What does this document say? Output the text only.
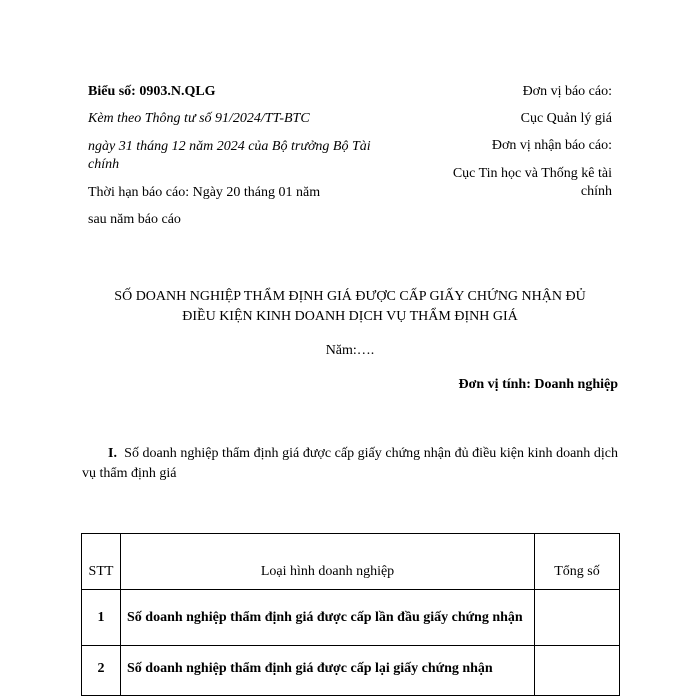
Biểu số: 0903.N.QLG
Kèm theo Thông tư số 91/2024/TT-BTC
ngày 31 tháng 12 năm 2024 của Bộ trưởng Bộ Tài chính
Thời hạn báo cáo: Ngày 20 tháng 01 năm
sau năm báo cáo
Đơn vị báo cáo:
Cục Quản lý giá
Đơn vị nhận báo cáo:
Cục Tin học và Thống kê tài chính
SỐ DOANH NGHIỆP THẨM ĐỊNH GIÁ ĐƯỢC CẤP GIẤY CHỨNG NHẬN ĐỦ
ĐIỀU KIỆN KINH DOANH DỊCH VỤ THẨM ĐỊNH GIÁ
Năm:….
Đơn vị tính: Doanh nghiệp
I. Số doanh nghiệp thẩm định giá được cấp giấy chứng nhận đủ điều kiện kinh doanh dịch vụ thẩm định giá
STT	Loại hình doanh nghiệp	Tổng số
1	Số doanh nghiệp thẩm định giá được cấp lần đầu giấy chứng nhận	
2	Số doanh nghiệp thẩm định giá được cấp lại giấy chứng nhận	
